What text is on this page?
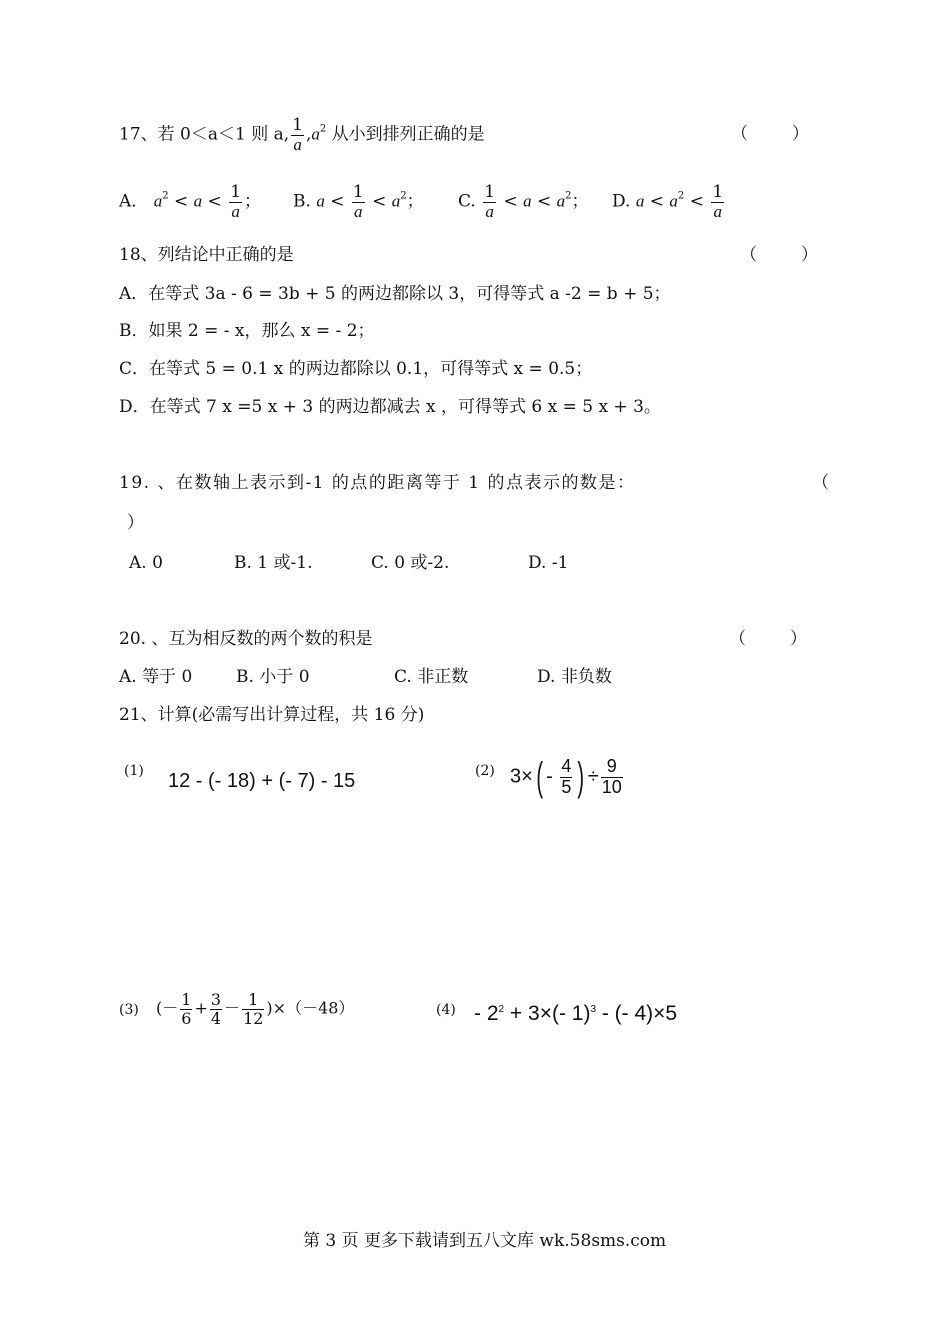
17、若 0＜a＜1 则 a, $\frac{1}{a} ,a^2$ 从小到排列正确的是	（	）
A． $a^2 < a < \frac{1}{a}$ ； B. $a < \frac{1}{a} < a^2$； C. $\frac{1}{a} < a < a^2$； D. $a < a^2 < \frac{1}{a}$
18、列结论中正确的是	（	）
A．在等式 3a - 6 = 3b + 5 的两边都除以 3，可得等式 a -2 = b + 5；
B．如果 2 = - x，那么 x = - 2；
C．在等式 5 = 0.1 x 的两边都除以 0.1，可得等式 x = 0.5；
D．在等式 7 x =5 x + 3 的两边都减去 x ，可得等式 6 x = 5 x + 3。
19. 、在数轴上表示到-1 的点的距离等于 1 的点表示的数是：	（
）
A. 0	B. 1 或-1.	C. 0 或-2.	D. -1
20. 、互为相反数的两个数的积是	（	）
A. 等于 0	B. 小于 0	C. 非正数	D. 非负数
21、计算(必需写出计算过程，共 16 分)
(1) 12 - (- 18) + (- 7) - 15	(2) $3\times( - \frac{4}{5}$ ) ÷ $\frac{9}{10}$
(3) (－ $\frac{1}{6} + \frac{3}{4} - \frac{1}{12} )\times(-48)$	$(4) - 2^2 + 3\times(-$ 1)$^3$ - (- 4)×5
第 3 页 更多下载请到五八文库 wk.58sms.com
